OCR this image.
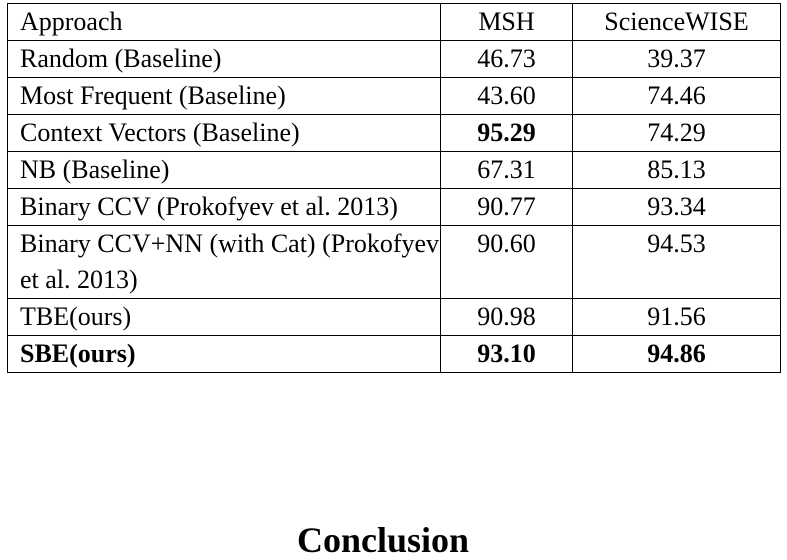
Approach	MSH	ScienceWISE
Random (Baseline)	46.73	39.37
Most Frequent (Baseline)	43.60	74.46
Context Vectors (Baseline)	95.29	74.29
NB (Baseline)	67.31	85.13
Binary CCV (Prokofyev et al. 2013)	90.77	93.34
Binary CCV+NN (with Cat) (Prokofyev et al. 2013)	90.60	94.53
TBE(ours)	90.98	91.56
SBE(ours)	93.10	94.86
Conclusion
